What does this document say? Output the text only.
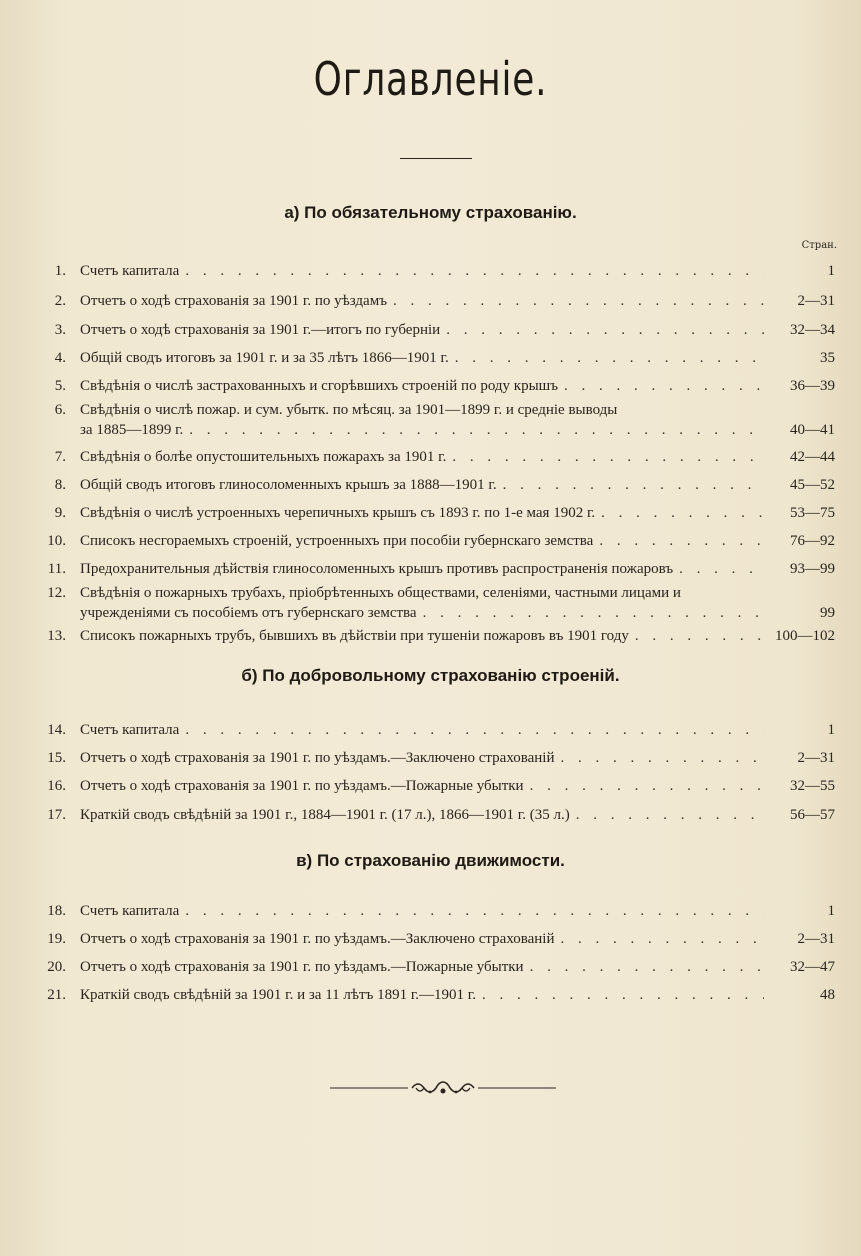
Оглавленіе.
Стран.
а) По обязательному страхованію.
1. Счетъ капитала . . .	1
2. Отчетъ о ходѣ страхованія за 1901 г. по уѣздамъ . . .	2—31
3. Отчетъ о ходѣ страхованія за 1901 г.—итогъ по губерніи . . .	32—34
4. Общій сводъ итоговъ за 1901 г. и за 35 лѣтъ 1866—1901 г. . . .	35
5. Свѣдѣнія о числѣ застрахованныхъ и сгорѣвшихъ строеній по роду крышъ . . .	36—39
6. Свѣдѣнія о числѣ пожар. и сум. убытк. по мѣсяц. за 1901—1899 г. и средніе выводы
за 1885—1899 г. . . .	40—41
7. Свѣдѣнія о болѣе опустошительныхъ пожарахъ за 1901 г. . . .	42—44
8. Общій сводъ итоговъ глиносоломенныхъ крышъ за 1888—1901 г. . . .	45—52
9. Свѣдѣнія о числѣ устроенныхъ черепичныхъ крышъ съ 1893 г. по 1-е мая 1902 г. . . .	53—75
10. Списокъ несгораемыхъ строеній, устроенныхъ при пособіи губернскаго земства . . .	76—92
11. Предохранительныя дѣйствія глиносоломенныхъ крышъ противъ распространенія пожаровъ . . .	93—99
12. Свѣдѣнія о пожарныхъ трубахъ, пріобрѣтенныхъ обществами, селеніями, частными лицами и
учрежденіями съ пособіемъ отъ губернскаго земства . . .	99
13. Списокъ пожарныхъ трубъ, бывшихъ въ дѣйствіи при тушеніи пожаровъ въ 1901 году . . .	100—102
б) По добровольному страхованію строеній.
14. Счетъ капитала . . .	1
15. Отчетъ о ходѣ страхованія за 1901 г. по уѣздамъ.—Заключено страхованій . . .	2—31
16. Отчетъ о ходѣ страхованія за 1901 г. по уѣздамъ.—Пожарные убытки . . .	32—55
17. Краткій сводъ свѣдѣній за 1901 г., 1884—1901 г. (17 л.), 1866—1901 г. (35 л.) . . .	56—57
в) По страхованію движимости.
18. Счетъ капитала . . .	1
19. Отчетъ о ходѣ страхованія за 1901 г. по уѣздамъ.—Заключено страхованій . . .	2—31
20. Отчетъ о ходѣ страхованія за 1901 г. по уѣздамъ.—Пожарные убытки . . .	32—47
21. Краткій сводъ свѣдѣній за 1901 г. и за 11 лѣтъ 1891 г.—1901 г. . . .	48
